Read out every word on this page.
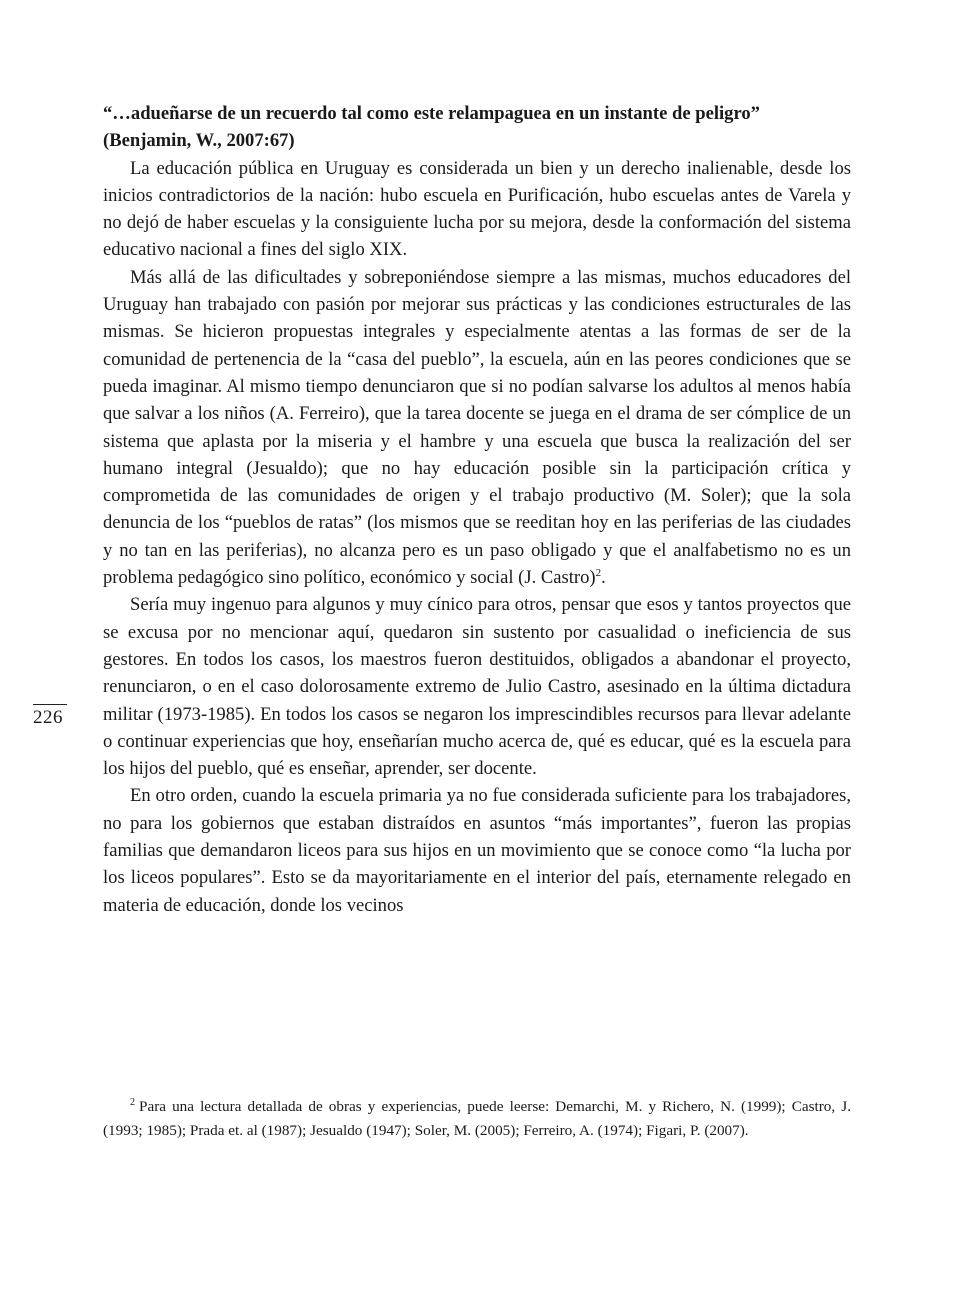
226

“…adueñarse de un recuerdo tal como este relampaguea en un instante de peligro”

(Benjamin, W., 2007:67)

La educación pública en Uruguay es considerada un bien y un derecho inalienable, desde los inicios contradictorios de la nación: hubo escuela en Purificación, hubo escuelas antes de Varela y no dejó de haber escuelas y la consiguiente lucha por su mejora, desde la conformación del sistema educativo nacional a fines del siglo XIX.

Más allá de las dificultades y sobreponiéndose siempre a las mismas, muchos educadores del Uruguay han trabajado con pasión por mejorar sus prácticas y las condiciones estructurales de las mismas. Se hicieron propuestas integrales y especialmente atentas a las formas de ser de la comunidad de pertenencia de la “casa del pueblo”, la escuela, aún en las peores condiciones que se pueda imaginar. Al mismo tiempo denunciaron que si no podían salvarse los adultos al menos había que salvar a los niños (A. Ferreiro), que la tarea docente se juega en el drama de ser cómplice de un sistema que aplasta por la miseria y el hambre y una escuela que busca la realización del ser humano integral (Jesualdo); que no hay educación posible sin la participación crítica y comprometida de las comunidades de origen y el trabajo productivo (M. Soler); que la sola denuncia de los “pueblos de ratas” (los mismos que se reeditan hoy en las periferias de las ciudades y no tan en las periferias), no alcanza pero es un paso obligado y que el analfabetismo no es un problema pedagógico sino político, económico y social (J. Castro)$^2$.

Sería muy ingenuo para algunos y muy cínico para otros, pensar que esos y tantos proyectos que se excusa por no mencionar aquí, quedaron sin sustento por casualidad o ineficiencia de sus gestores. En todos los casos, los maestros fueron destituidos, obligados a abandonar el proyecto, renunciaron, o en el caso dolorosamente extremo de Julio Castro, asesinado en la última dictadura militar (1973-1985). En todos los casos se negaron los imprescindibles recursos para llevar adelante o continuar experiencias que hoy, enseñarían mucho acerca de, qué es educar, qué es la escuela para los hijos del pueblo, qué es enseñar, aprender, ser docente.

En otro orden, cuando la escuela primaria ya no fue considerada suficiente para los trabajadores, no para los gobiernos que estaban distraídos en asuntos “más importantes”, fueron las propias familias que demandaron liceos para sus hijos en un movimiento que se conoce como “la lucha por los liceos populares”. Esto se da mayoritariamente en el interior del país, eternamente relegado en materia de educación, donde los vecinos

$^2$ Para una lectura detallada de obras y experiencias, puede leerse: Demarchi, M. y Richero, N. (1999); Castro, J. (1993; 1985); Prada et. al (1987); Jesualdo (1947); Soler, M. (2005); Ferreiro, A. (1974); Figari, P. (2007).
